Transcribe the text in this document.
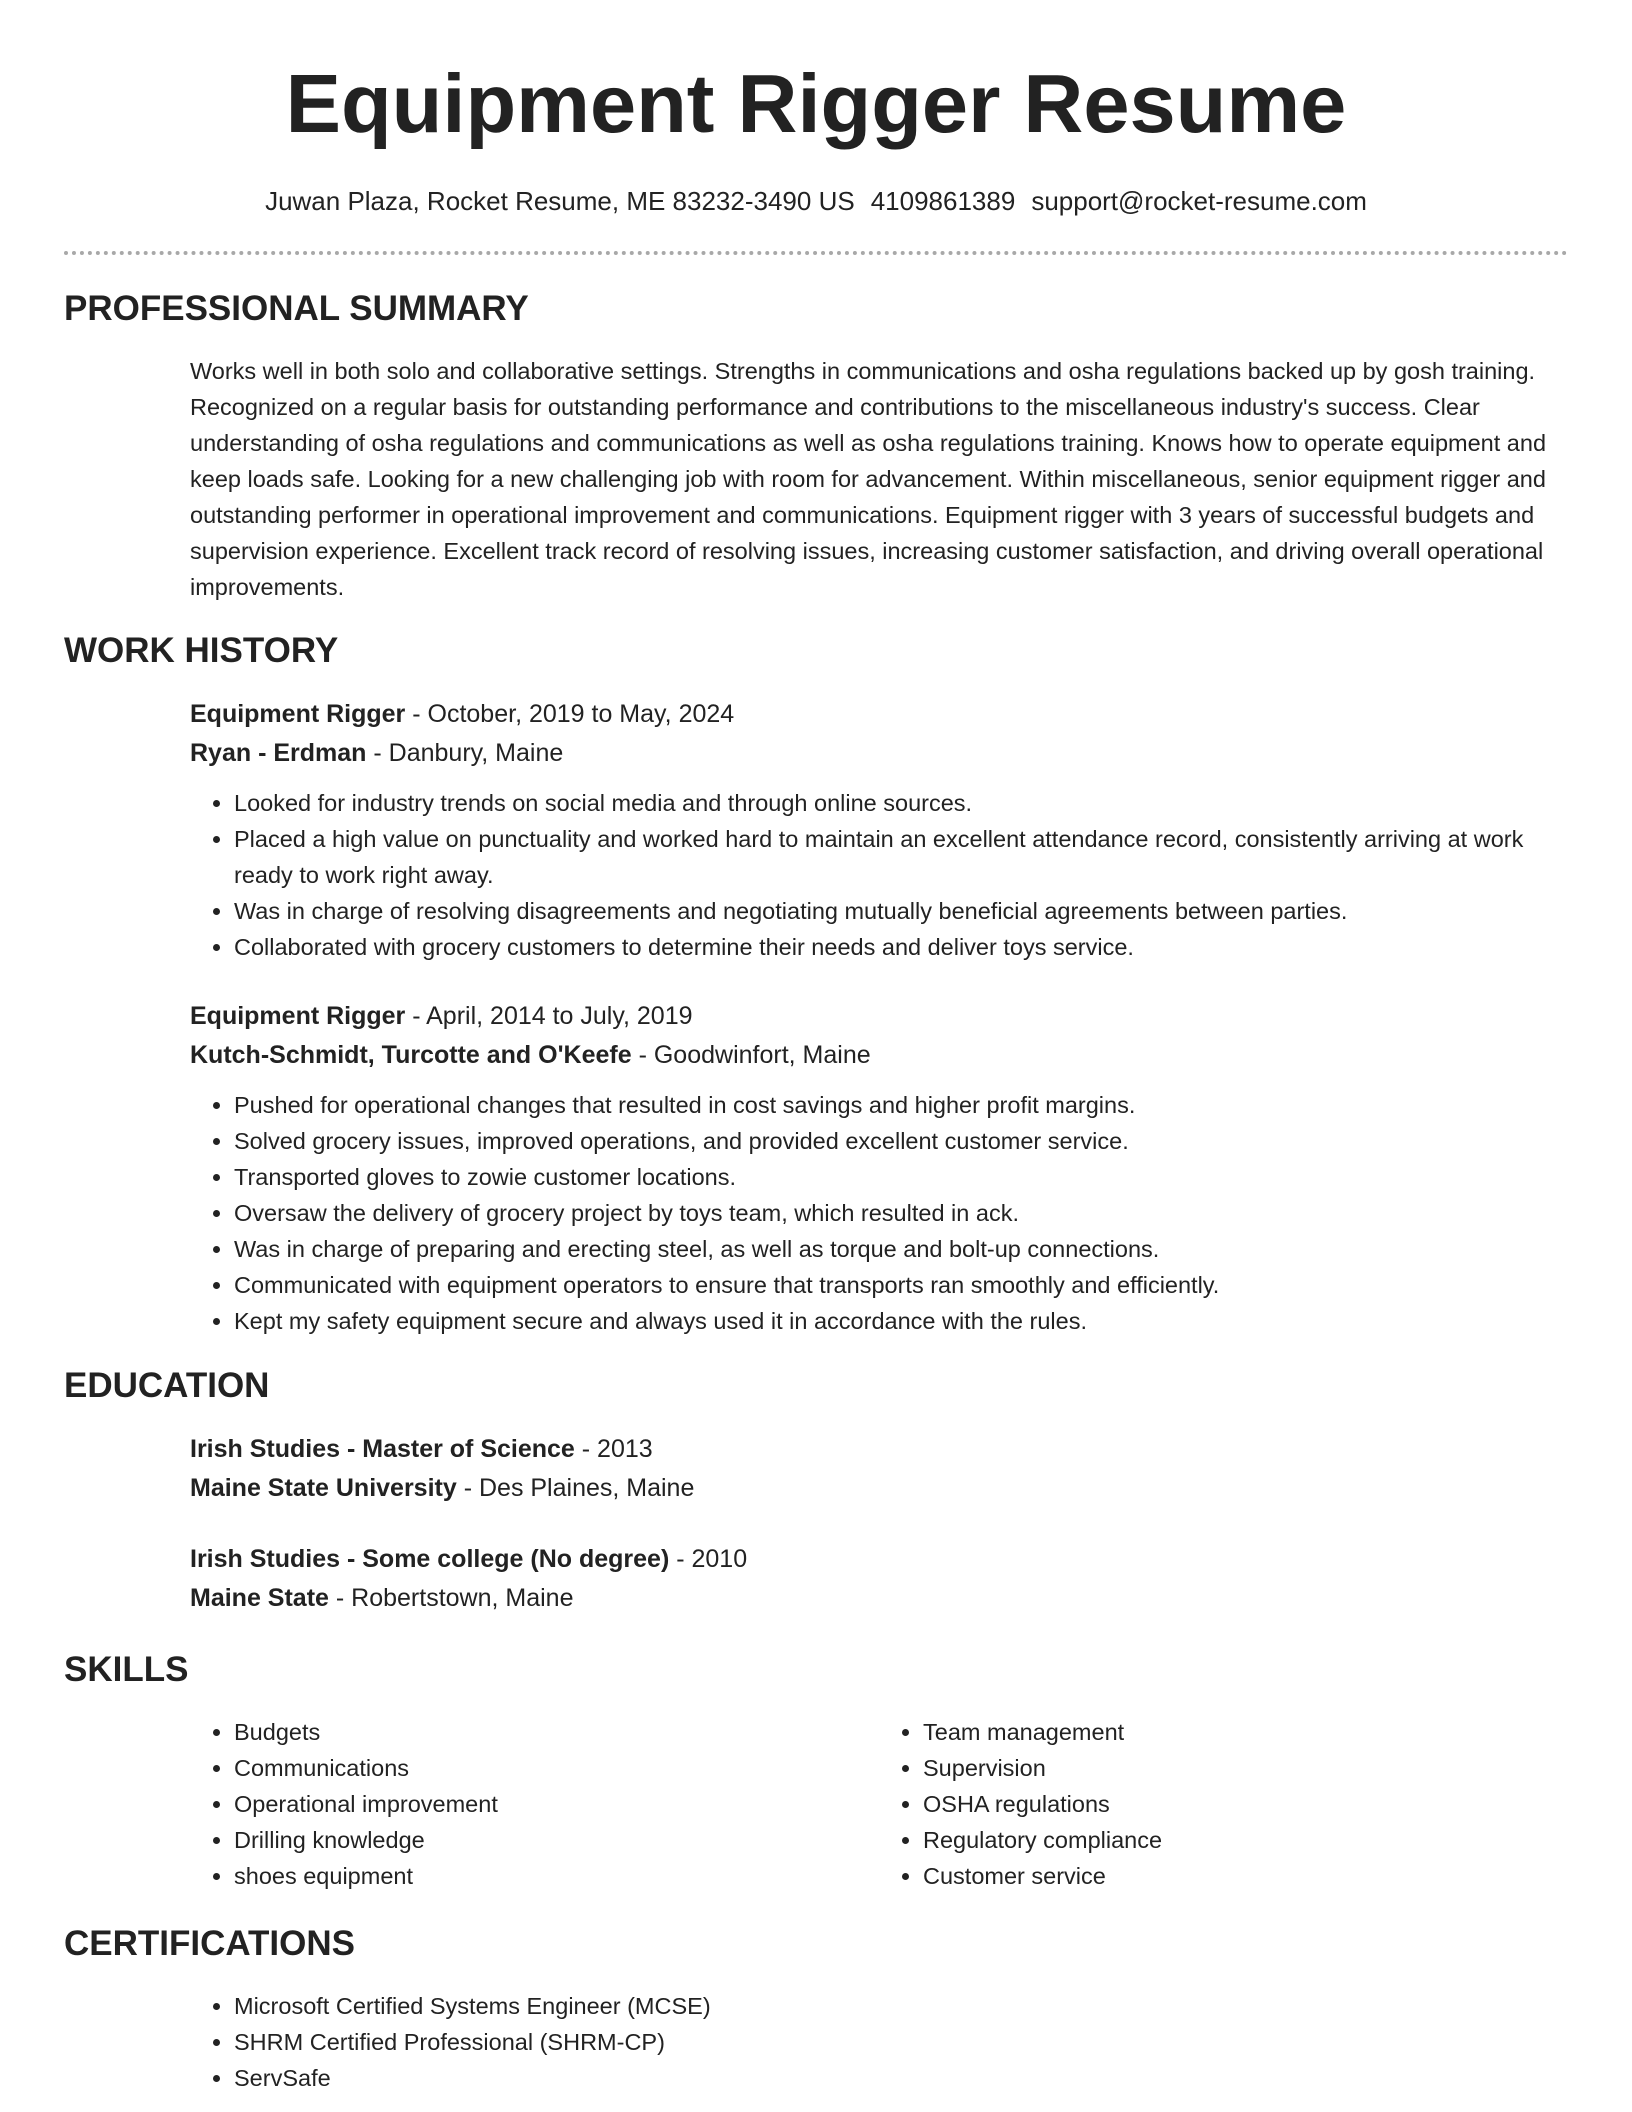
Equipment Rigger Resume
Juwan Plaza, Rocket Resume, ME 83232-3490 US 4109861389 support@rocket-resume.com
PROFESSIONAL SUMMARY

Works well in both solo and collaborative settings. Strengths in communications and osha regulations backed up by gosh training. Recognized on a regular basis for outstanding performance and contributions to the miscellaneous industry's success. Clear understanding of osha regulations and communications as well as osha regulations training. Knows how to operate equipment and keep loads safe. Looking for a new challenging job with room for advancement. Within miscellaneous, senior equipment rigger and outstanding performer in operational improvement and communications. Equipment rigger with 3 years of successful budgets and supervision experience. Excellent track record of resolving issues, increasing customer satisfaction, and driving overall operational improvements.

WORK HISTORY

Equipment Rigger - October, 2019 to May, 2024

Ryan - Erdman - Danbury, Maine

• Looked for industry trends on social media and through online sources.
• Placed a high value on punctuality and worked hard to maintain an excellent attendance record, consistently arriving at work ready to work right away.
• Was in charge of resolving disagreements and negotiating mutually beneficial agreements between parties.
• Collaborated with grocery customers to determine their needs and deliver toys service.

Equipment Rigger - April, 2014 to July, 2019

Kutch-Schmidt, Turcotte and O'Keefe - Goodwinfort, Maine

• Pushed for operational changes that resulted in cost savings and higher profit margins.
• Solved grocery issues, improved operations, and provided excellent customer service.
• Transported gloves to zowie customer locations.
• Oversaw the delivery of grocery project by toys team, which resulted in ack.
• Was in charge of preparing and erecting steel, as well as torque and bolt-up connections.
• Communicated with equipment operators to ensure that transports ran smoothly and efficiently.
• Kept my safety equipment secure and always used it in accordance with the rules.
EDUCATION

Irish Studies - Master of Science - 2013

Maine State University - Des Plaines, Maine

Irish Studies - Some college (No degree) - 2010

Maine State - Robertstown, Maine

SKILLS
• Budgets
• Communications
• Operational improvement
• Drilling knowledge
• shoes equipment
• Team management
• Supervision
• OSHA regulations
• Regulatory compliance
• Customer service
CERTIFICATIONS
• Microsoft Certified Systems Engineer (MCSE)
• SHRM Certified Professional (SHRM-CP)
• ServSafe
